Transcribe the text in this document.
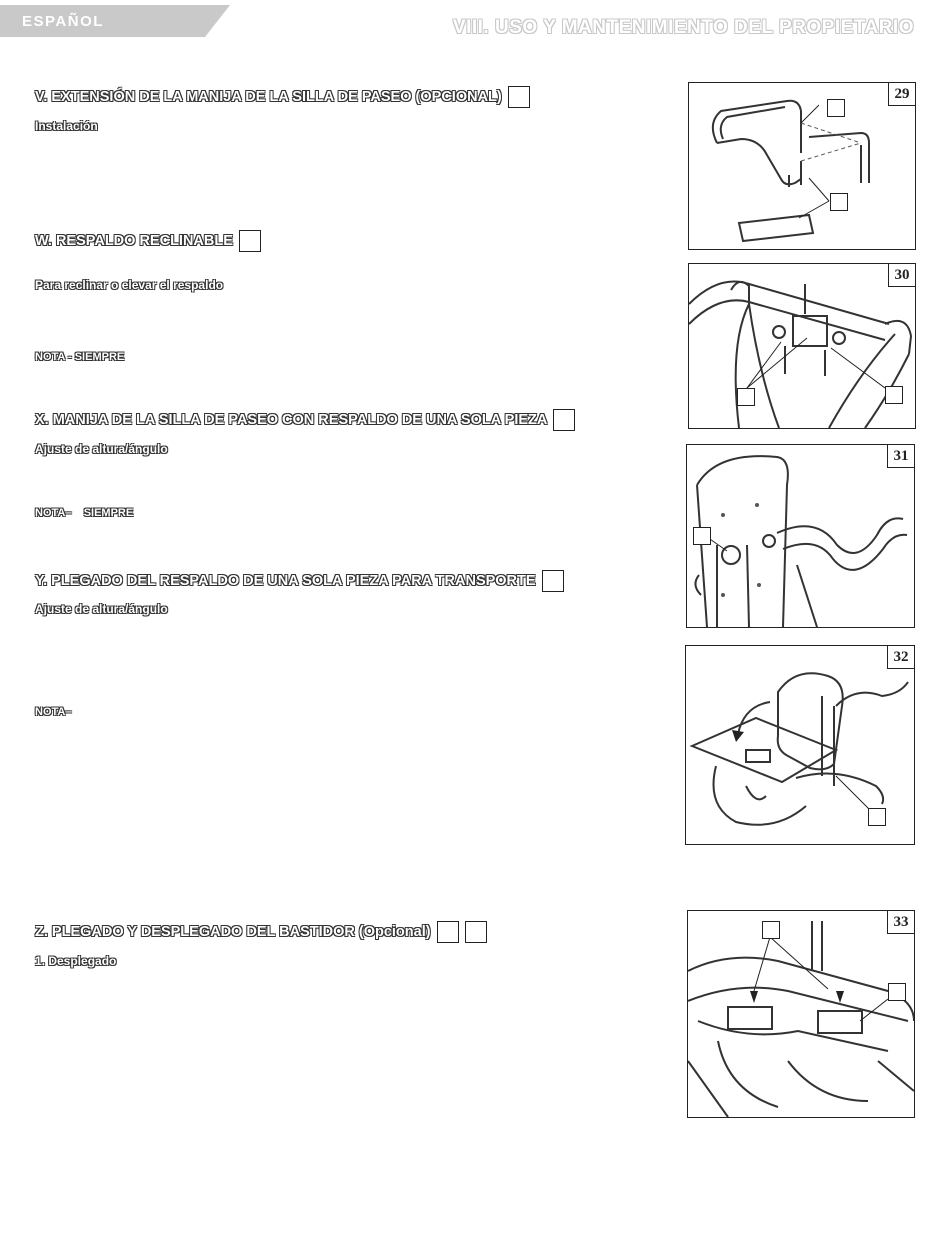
ESPAÑOL	VIII. USO Y MANTENIMIENTO DEL PROPIETARIO
V. EXTENSIÓN DE LA MANIJA DE LA SILLA DE PASEO (OPCIONAL)
Instalación
W. RESPALDO RECLINABLE
Para reclinar o elevar el respaldo
NOTA - SIEMPRE
X. MANIJA DE LA SILLA DE PASEO CON RESPALDO DE UNA SOLA PIEZA
Ajuste de altura/ángulo
NOTA–    SIEMPRE
Y. PLEGADO DEL RESPALDO DE UNA SOLA PIEZA PARA TRANSPORTE
Ajuste de altura/ángulo
NOTA–
Z. PLEGADO Y DESPLEGADO DEL BASTIDOR (Opcional)
1. Desplegado
29
30
31
32
33
